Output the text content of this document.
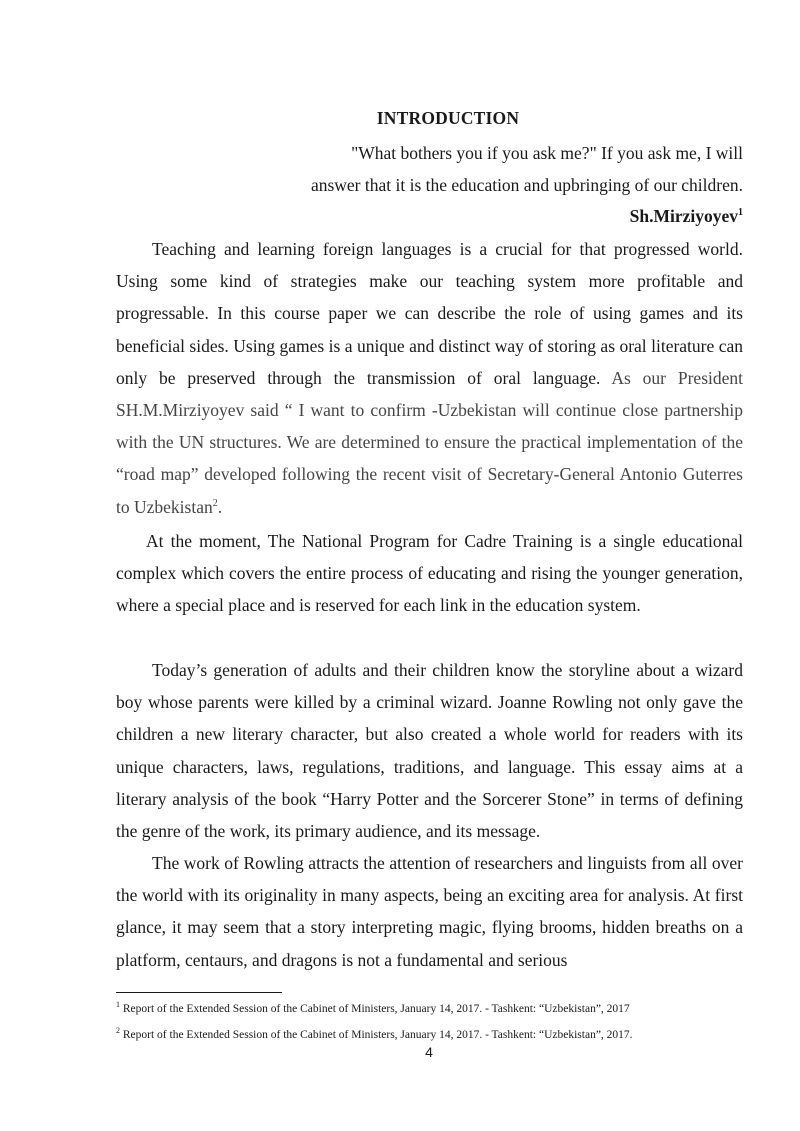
INTRODUCTION
"What bothers you if you ask me?" If you ask me, I will
answer that it is the education and upbringing of our children.
Sh.Mirziyoyev$^1$

Teaching and learning foreign languages is a crucial for that progressed world. Using some kind of strategies make our teaching system more profitable and progressable. In this course paper we can describe the role of using games and its beneficial sides. Using games is a unique and distinct way of storing as oral literature can only be preserved through the transmission of oral language. As our President SH.M.Mirziyoyev said “ I want to confirm -Uzbekistan will continue close partnership with the UN structures. We are determined to ensure the practical implementation of the “road map” developed following the recent visit of Secretary-General Antonio Guterres to Uzbekistan$^2$.

At the moment, The National Program for Cadre Training is a single educational complex which covers the entire process of educating and rising the younger generation, where a special place and is reserved for each link in the education system.

Today’s generation of adults and their children know the storyline about a wizard boy whose parents were killed by a criminal wizard. Joanne Rowling not only gave the children a new literary character, but also created a whole world for readers with its unique characters, laws, regulations, traditions, and language. This essay aims at a literary analysis of the book “Harry Potter and the Sorcerer Stone” in terms of defining the genre of the work, its primary audience, and its message.

The work of Rowling attracts the attention of researchers and linguists from all over the world with its originality in many aspects, being an exciting area for analysis. At first glance, it may seem that a story interpreting magic, flying brooms, hidden breaths on a platform, centaurs, and dragons is not a fundamental and serious

$^1$ Report of the Extended Session of the Cabinet of Ministers, January 14, 2017. - Tashkent: “Uzbekistan”, 2017
$^2$ Report of the Extended Session of the Cabinet of Ministers, January 14, 2017. - Tashkent: “Uzbekistan”, 2017.
4
